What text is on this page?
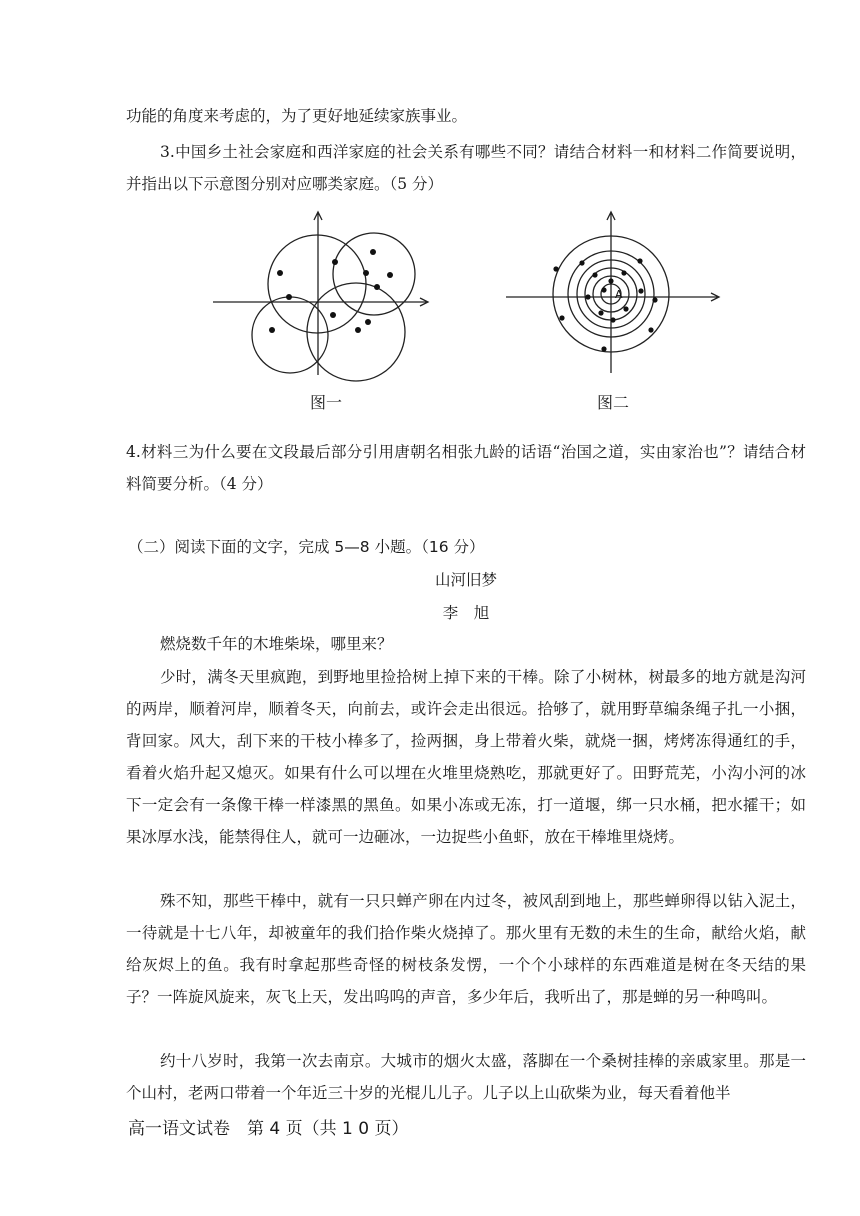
功能的角度来考虑的，为了更好地延续家族事业。

3.中国乡土社会家庭和西洋家庭的社会关系有哪些不同？请结合材料一和材料二作简要说明，并指出以下示意图分别对应哪类家庭。（5 分）

图一
A
图二

4.材料三为什么要在文段最后部分引用唐朝名相张九龄的话语“治国之道，实由家治也”？请结合材料简要分析。（4 分）

（二）阅读下面的文字，完成 5—8 小题。（16 分）

山河旧梦

李　旭

燃烧数千年的木堆柴垛，哪里来？

少时，满冬天里疯跑，到野地里捡拾树上掉下来的干棒。除了小树林，树最多的地方就是沟河的两岸，顺着河岸，顺着冬天，向前去，或许会走出很远。拾够了，就用野草编条绳子扎一小捆，背回家。风大，刮下来的干枝小棒多了，捡两捆，身上带着火柴，就烧一捆，烤烤冻得通红的手，看着火焰升起又熄灭。如果有什么可以埋在火堆里烧熟吃，那就更好了。田野荒芜，小沟小河的冰下一定会有一条像干棒一样漆黑的黑鱼。如果小冻或无冻，打一道堰，绑一只水桶，把水攉干；如果冰厚水浅，能禁得住人，就可一边砸冰，一边捉些小鱼虾，放在干棒堆里烧烤。

殊不知，那些干棒中，就有一只只蝉产卵在内过冬，被风刮到地上，那些蝉卵得以钻入泥土，一待就是十七八年，却被童年的我们拾作柴火烧掉了。那火里有无数的未生的生命，献给火焰，献给灰烬上的鱼。我有时拿起那些奇怪的树枝条发愣，一个个小球样的东西难道是树在冬天结的果子？一阵旋风旋来，灰飞上天，发出呜呜的声音，多少年后，我听出了，那是蝉的另一种鸣叫。

约十八岁时，我第一次去南京。大城市的烟火太盛，落脚在一个桑树挂棒的亲戚家里。那是一个山村，老两口带着一个年近三十岁的光棍儿儿子。儿子以上山砍柴为业，每天看着他半

高一语文试卷　第 4 页（共 1 0 页）
